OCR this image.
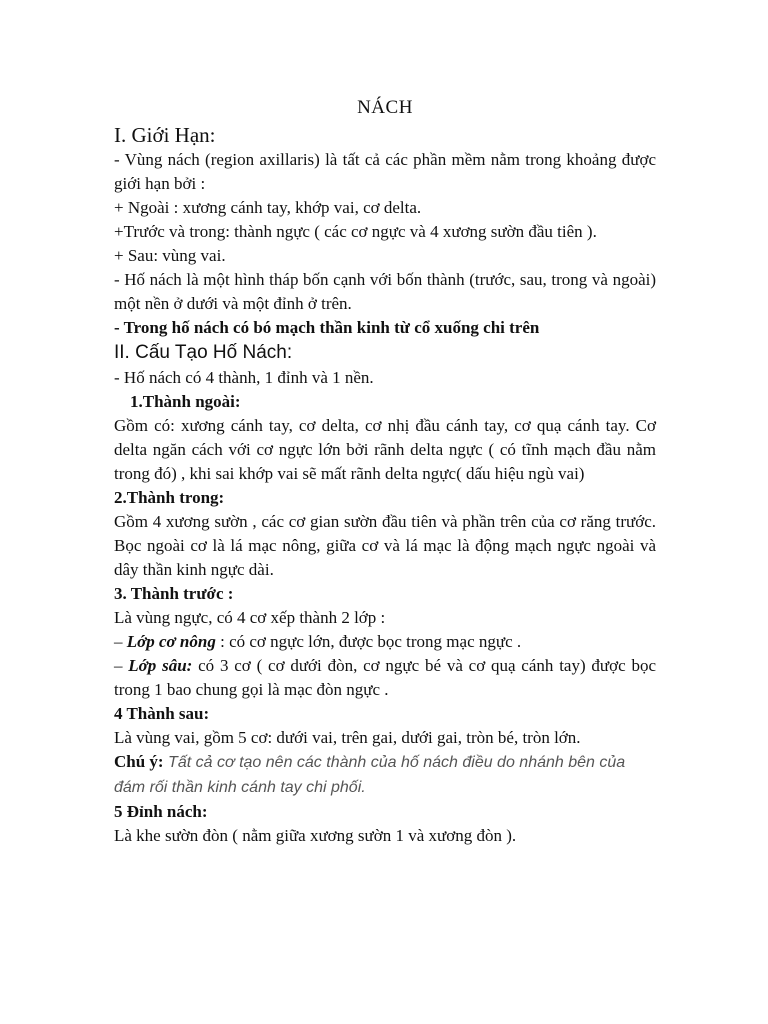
NÁCH

I. Giới Hạn:

- Vùng nách (region axillaris) là tất cả các phần mềm nằm trong khoảng được giới hạn bởi :

+ Ngoài : xương cánh tay, khớp vai, cơ delta.

+Trước và trong: thành ngực ( các cơ ngực và 4 xương sườn đầu tiên ).

+ Sau: vùng vai.

- Hố nách là một hình tháp bốn cạnh với bốn thành (trước, sau, trong và ngoài) một nền ở dưới và một đỉnh ở trên.

- Trong hố nách có bó mạch thần kinh từ cổ xuống chi trên

II. Cấu Tạo Hố Nách:

- Hố nách có 4 thành, 1 đỉnh và 1 nền.

1.Thành ngoài:

Gồm có: xương cánh tay, cơ delta, cơ nhị đầu cánh tay, cơ quạ cánh tay. Cơ delta ngăn cách với cơ ngực lớn bởi rãnh delta ngực ( có tĩnh mạch đầu nằm trong đó) , khi sai khớp vai sẽ mất rãnh delta ngực( dấu hiệu ngù vai)

2.Thành trong:

Gồm 4 xương sườn , các cơ gian sườn đầu tiên và phần trên của cơ răng trước. Bọc ngoài cơ là lá mạc nông, giữa cơ và lá mạc là động mạch ngực ngoài và dây thần kinh ngực dài.

3. Thành trước :

Là vùng ngực, có 4 cơ xếp thành 2 lớp :

– Lớp cơ nông : có cơ ngực lớn, được bọc trong mạc ngực .

– Lớp sâu: có 3 cơ ( cơ dưới đòn, cơ ngực bé và cơ quạ cánh tay) được bọc trong 1 bao chung gọi là mạc đòn ngực .

4 Thành sau:

Là vùng vai, gồm 5 cơ: dưới vai, trên gai, dưới gai, tròn bé, tròn lớn.

Chú ý: Tất cả cơ tạo nên các thành của hố nách điều do nhánh bên của đám rối thần kinh cánh tay chi phối.

5 Đỉnh nách:

Là khe sườn đòn ( nằm giữa xương sườn 1 và xương đòn ).
